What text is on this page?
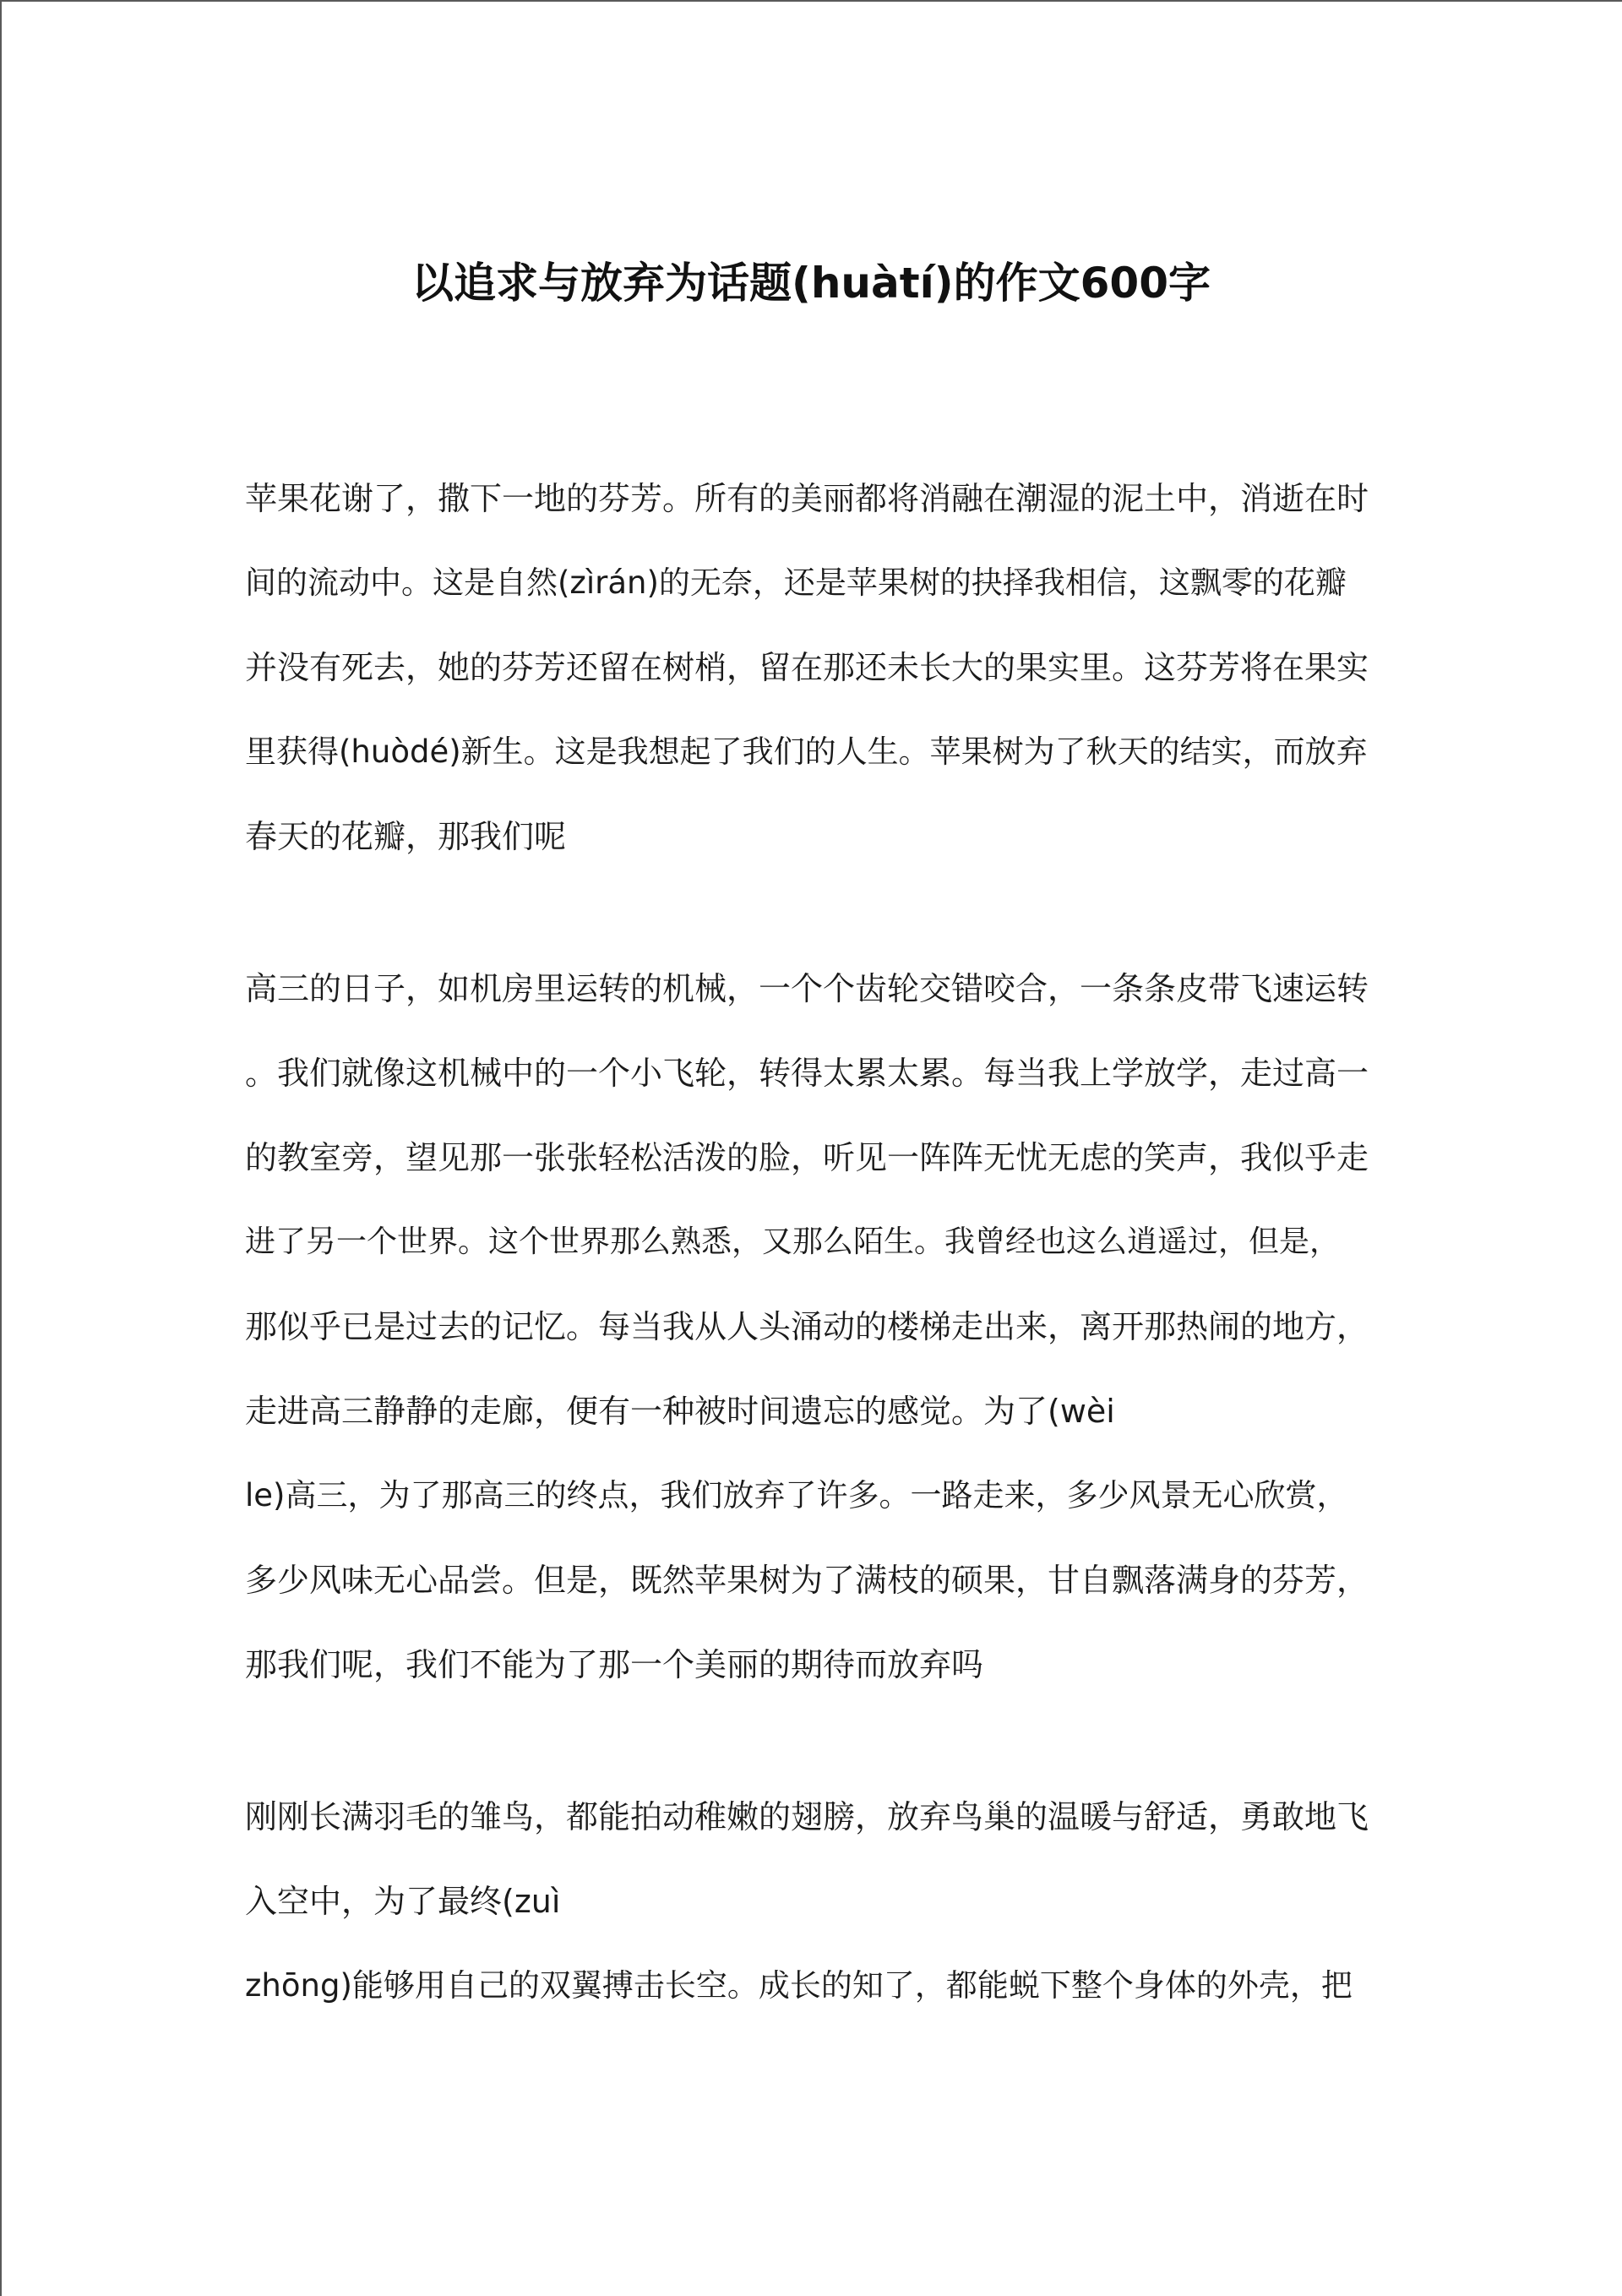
以追求与放弃为话题(huàtí)的作文600字
苹果花谢了，撒下一地的芬芳。所有的美丽都将消融在潮湿的泥土中，消逝在时
间的流动中。这是自然(zìrán)的无奈，还是苹果树的抉择我相信，这飘零的花瓣
并没有死去，她的芬芳还留在树梢，留在那还未长大的果实里。这芬芳将在果实
里获得(huòdé)新生。这是我想起了我们的人生。苹果树为了秋天的结实，而放弃
春天的花瓣，那我们呢
高三的日子，如机房里运转的机械，一个个齿轮交错咬合，一条条皮带飞速运转
。我们就像这机械中的一个小飞轮，转得太累太累。每当我上学放学，走过高一
的教室旁，望见那一张张轻松活泼的脸，听见一阵阵无忧无虑的笑声，我似乎走
进了另一个世界。这个世界那么熟悉，又那么陌生。我曾经也这么逍遥过，但是，
那似乎已是过去的记忆。每当我从人头涌动的楼梯走出来，离开那热闹的地方，
走进高三静静的走廊，便有一种被时间遗忘的感觉。为了(wèi
le)高三，为了那高三的终点，我们放弃了许多。一路走来，多少风景无心欣赏，
多少风味无心品尝。但是，既然苹果树为了满枝的硕果，甘自飘落满身的芬芳，
那我们呢，我们不能为了那一个美丽的期待而放弃吗
刚刚长满羽毛的雏鸟，都能拍动稚嫩的翅膀，放弃鸟巢的温暖与舒适，勇敢地飞
入空中，为了最终(zuì
zhōng)能够用自己的双翼搏击长空。成长的知了，都能蜕下整个身体的外壳，把
